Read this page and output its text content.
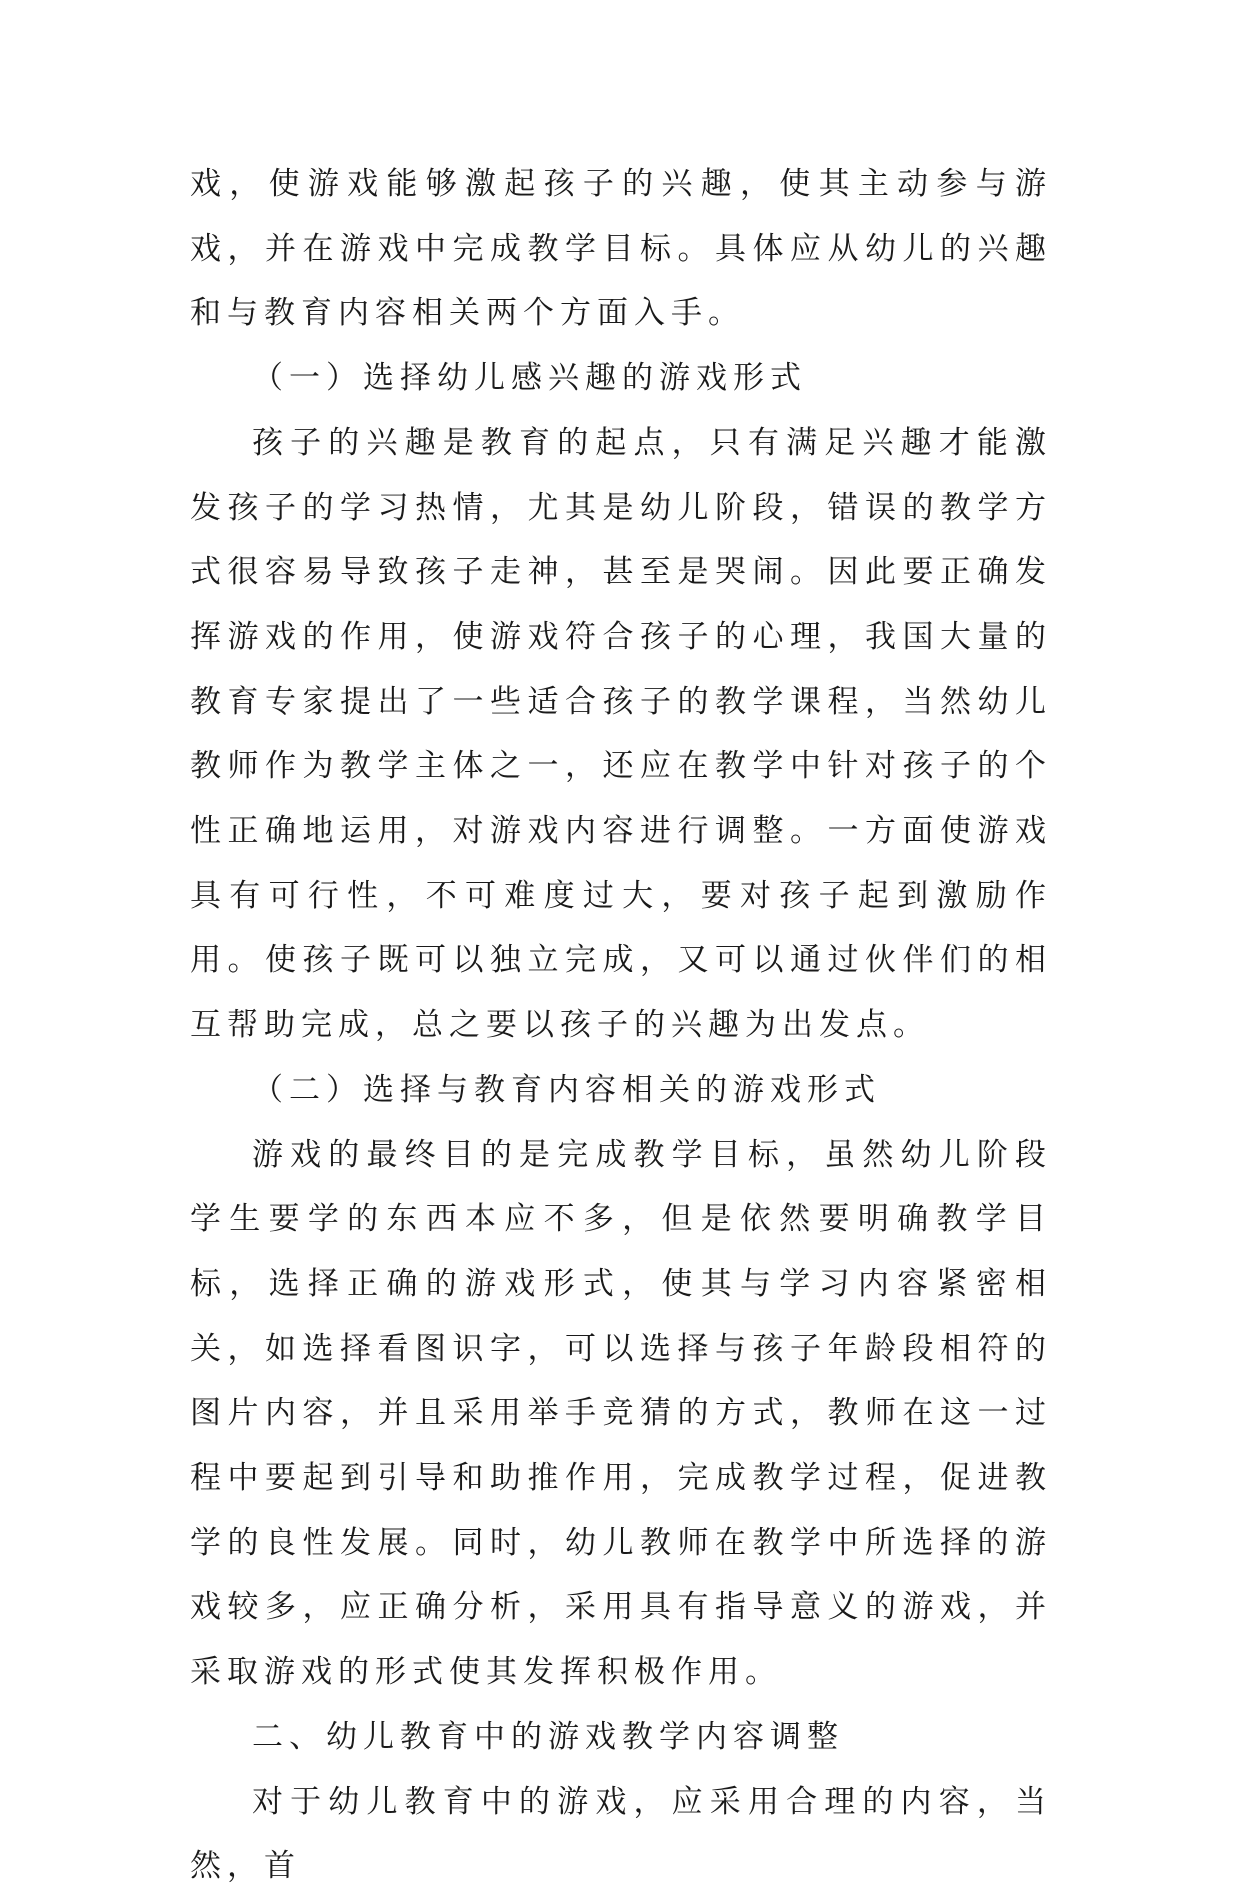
戏，使游戏能够激起孩子的兴趣，使其主动参与游戏，并在游戏中完成教学目标。具体应从幼儿的兴趣和与教育内容相关两个方面入手。

（一）选择幼儿感兴趣的游戏形式

孩子的兴趣是教育的起点，只有满足兴趣才能激发孩子的学习热情，尤其是幼儿阶段，错误的教学方式很容易导致孩子走神，甚至是哭闹。因此要正确发挥游戏的作用，使游戏符合孩子的心理，我国大量的教育专家提出了一些适合孩子的教学课程，当然幼儿教师作为教学主体之一，还应在教学中针对孩子的个性正确地运用，对游戏内容进行调整。一方面使游戏具有可行性，不可难度过大，要对孩子起到激励作用。使孩子既可以独立完成，又可以通过伙伴们的相互帮助完成，总之要以孩子的兴趣为出发点。

（二）选择与教育内容相关的游戏形式

游戏的最终目的是完成教学目标，虽然幼儿阶段学生要学的东西本应不多，但是依然要明确教学目标，选择正确的游戏形式，使其与学习内容紧密相关，如选择看图识字，可以选择与孩子年龄段相符的图片内容，并且采用举手竞猜的方式，教师在这一过程中要起到引导和助推作用，完成教学过程，促进教学的良性发展。同时，幼儿教师在教学中所选择的游戏较多，应正确分析，采用具有指导意义的游戏，并采取游戏的形式使其发挥积极作用。

二、幼儿教育中的游戏教学内容调整

对于幼儿教育中的游戏，应采用合理的内容，当然，首
